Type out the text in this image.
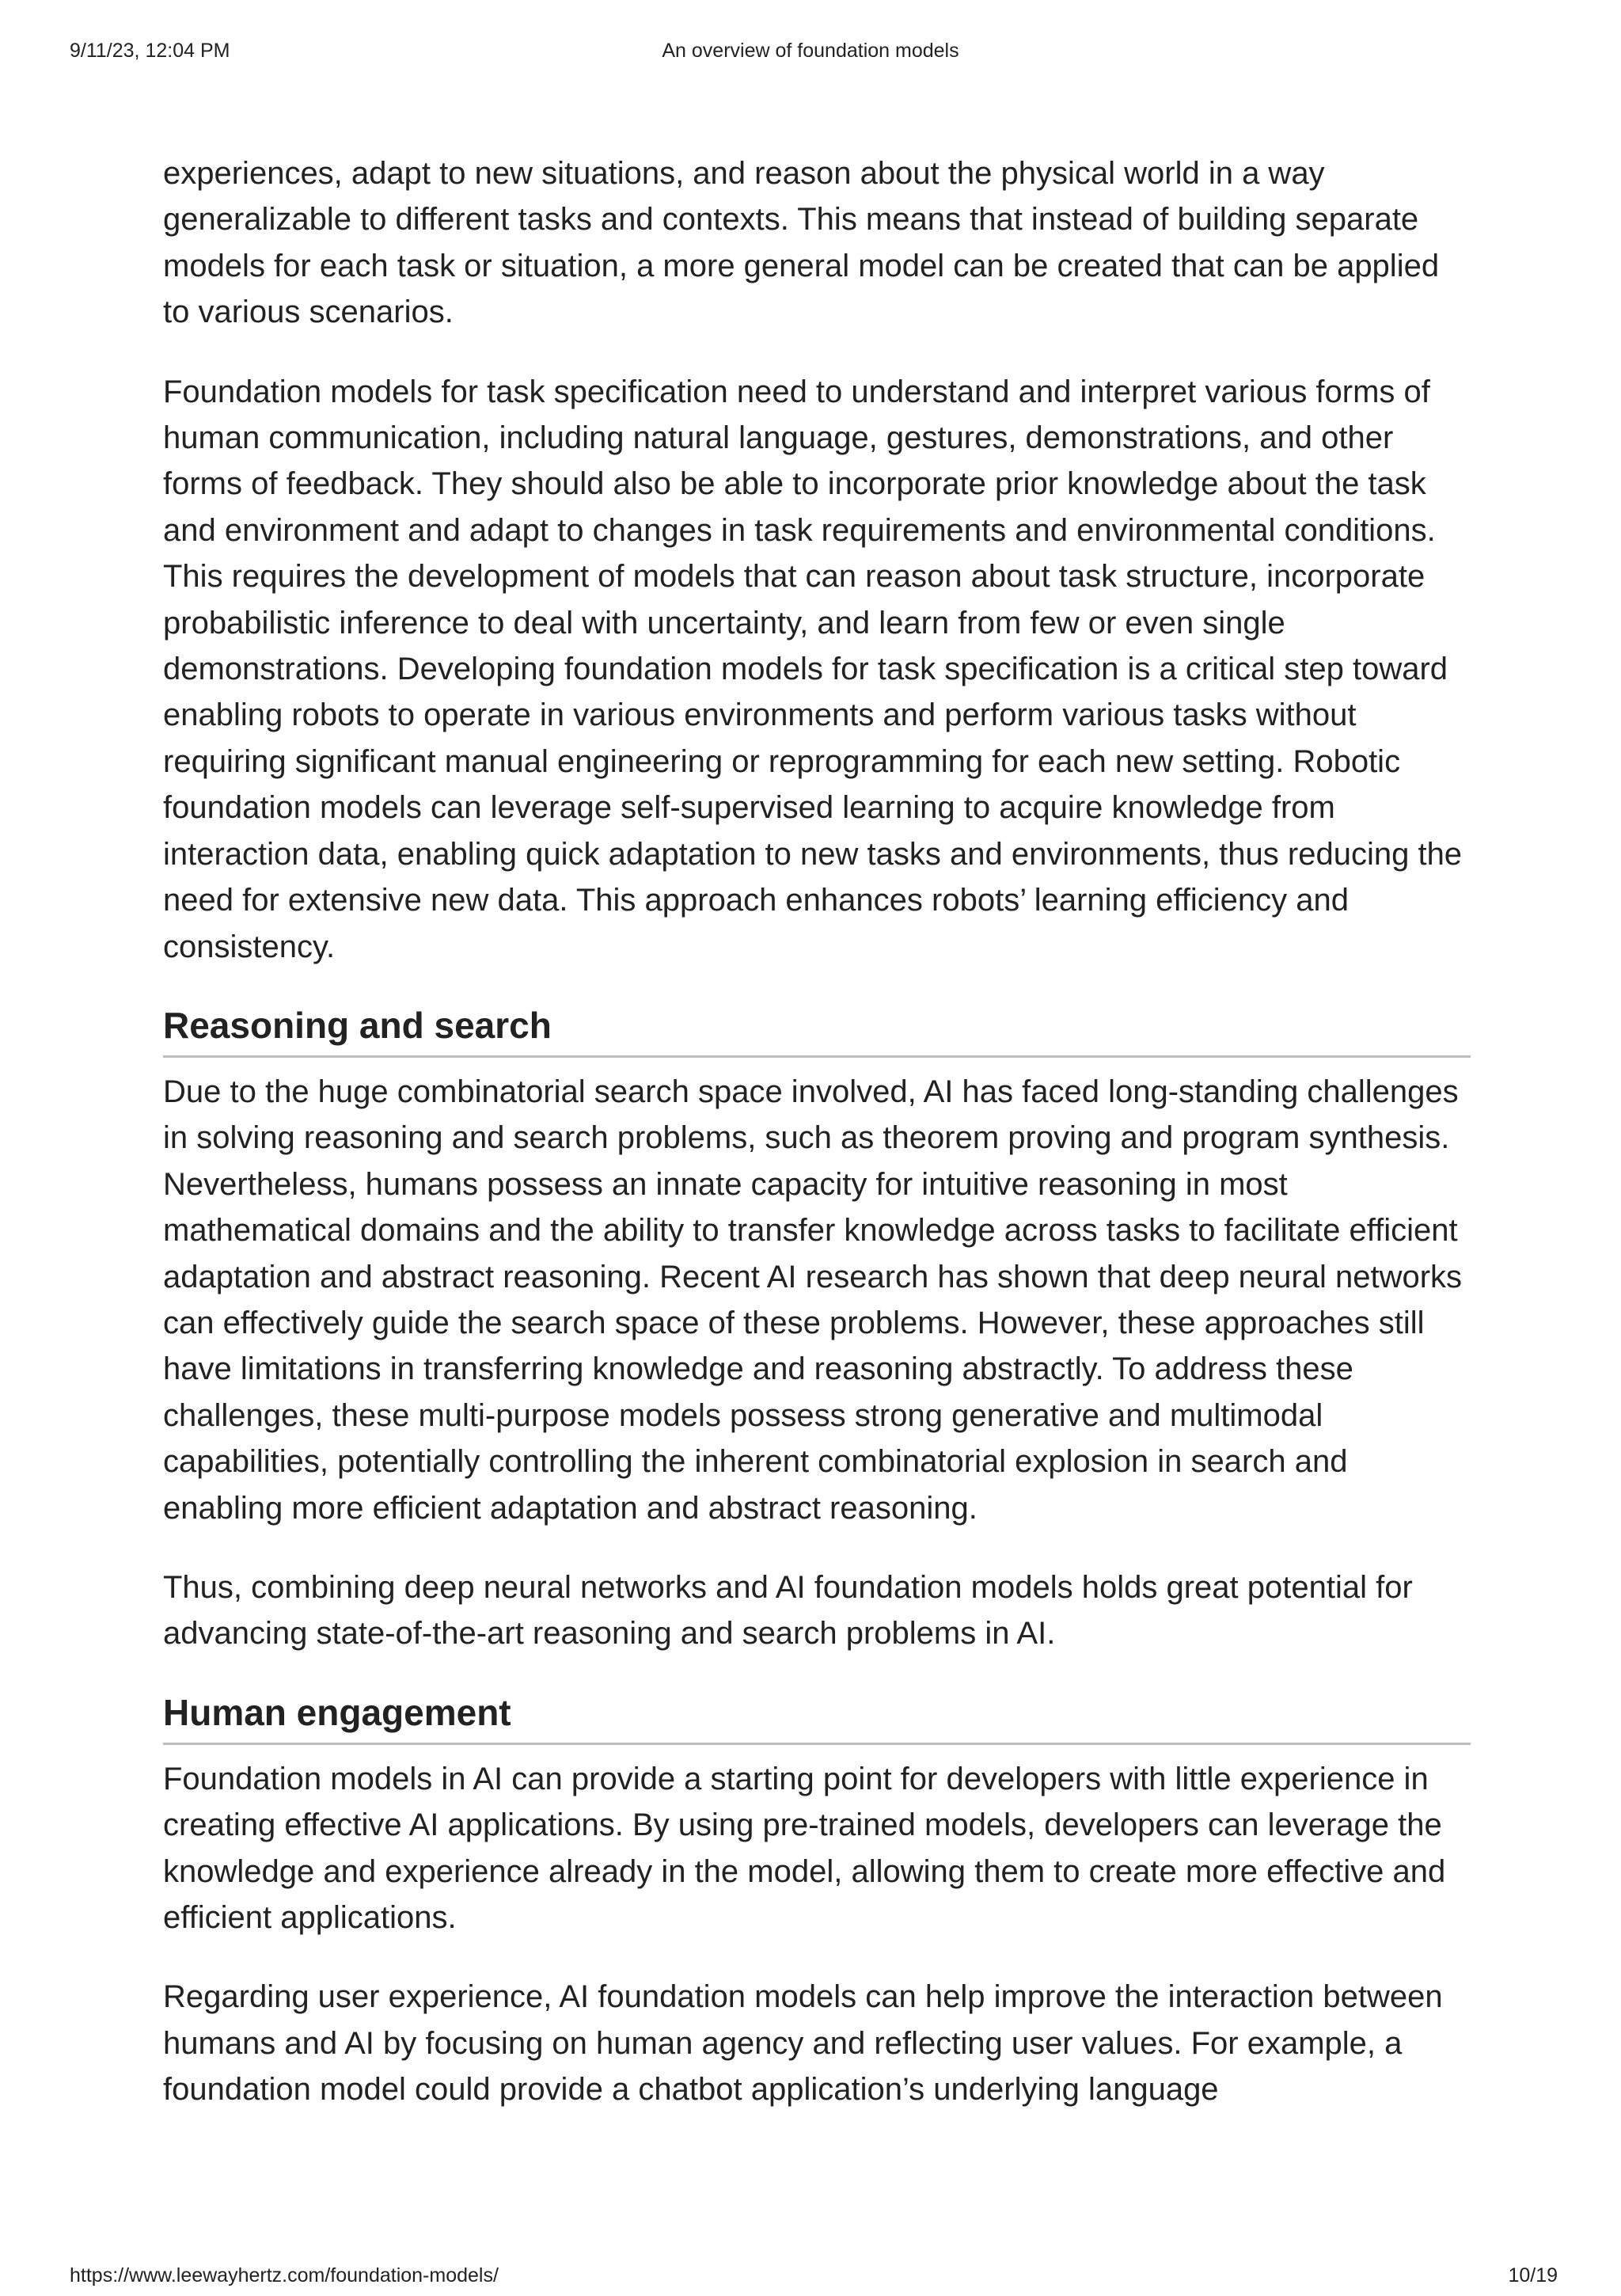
9/11/23, 12:04 PM	An overview of foundation models

experiences, adapt to new situations, and reason about the physical world in a way generalizable to different tasks and contexts. This means that instead of building separate models for each task or situation, a more general model can be created that can be applied to various scenarios.

Foundation models for task specification need to understand and interpret various forms of human communication, including natural language, gestures, demonstrations, and other forms of feedback. They should also be able to incorporate prior knowledge about the task and environment and adapt to changes in task requirements and environmental conditions. This requires the development of models that can reason about task structure, incorporate probabilistic inference to deal with uncertainty, and learn from few or even single demonstrations. Developing foundation models for task specification is a critical step toward enabling robots to operate in various environments and perform various tasks without requiring significant manual engineering or reprogramming for each new setting. Robotic foundation models can leverage self-supervised learning to acquire knowledge from interaction data, enabling quick adaptation to new tasks and environments, thus reducing the need for extensive new data. This approach enhances robots’ learning efficiency and consistency.

Reasoning and search

Due to the huge combinatorial search space involved, AI has faced long-standing challenges in solving reasoning and search problems, such as theorem proving and program synthesis. Nevertheless, humans possess an innate capacity for intuitive reasoning in most mathematical domains and the ability to transfer knowledge across tasks to facilitate efficient adaptation and abstract reasoning. Recent AI research has shown that deep neural networks can effectively guide the search space of these problems. However, these approaches still have limitations in transferring knowledge and reasoning abstractly. To address these challenges, these multi-purpose models possess strong generative and multimodal capabilities, potentially controlling the inherent combinatorial explosion in search and enabling more efficient adaptation and abstract reasoning.

Thus, combining deep neural networks and AI foundation models holds great potential for advancing state-of-the-art reasoning and search problems in AI.

Human engagement

Foundation models in AI can provide a starting point for developers with little experience in creating effective AI applications. By using pre-trained models, developers can leverage the knowledge and experience already in the model, allowing them to create more effective and efficient applications.

Regarding user experience, AI foundation models can help improve the interaction between humans and AI by focusing on human agency and reflecting user values. For example, a foundation model could provide a chatbot application’s underlying language

https://www.leewayhertz.com/foundation-models/	10/19
